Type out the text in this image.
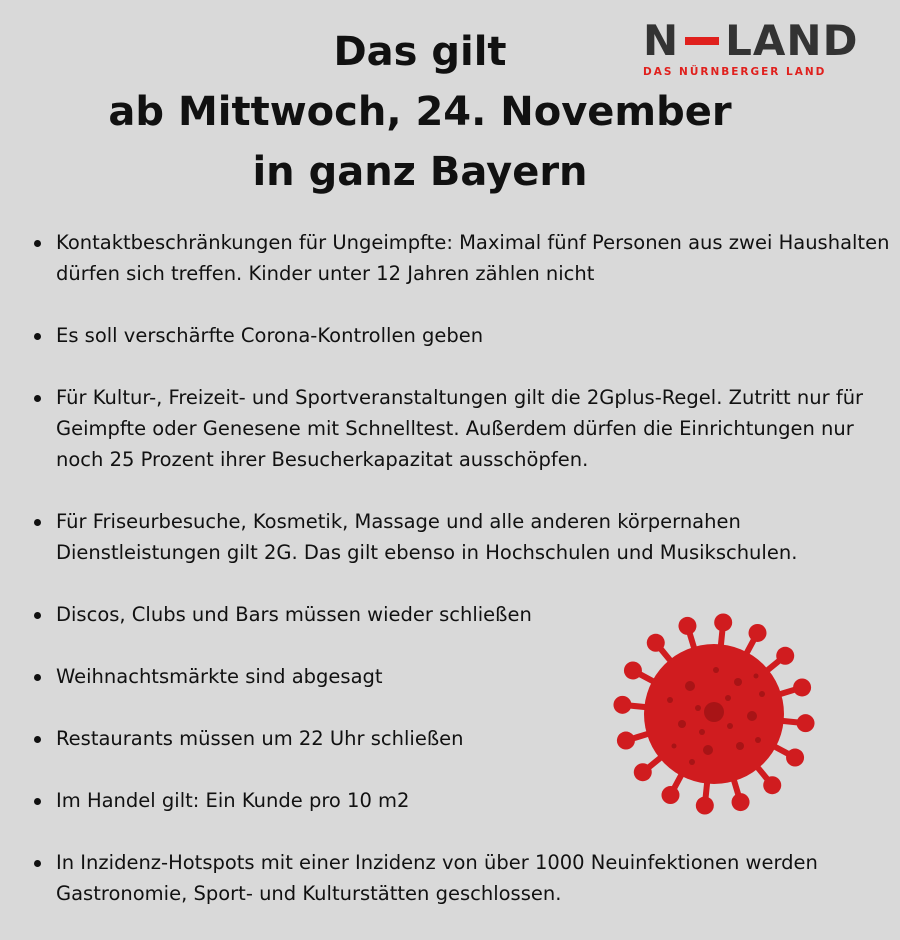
Das gilt
ab Mittwoch, 24. November
in ganz Bayern
N LAND
DAS NÜRNBERGER LAND
Kontaktbeschränkungen für Ungeimpfte: Maximal fünf Personen aus zwei Haushalten dürfen sich treffen. Kinder unter 12 Jahren zählen nicht
Es soll verschärfte Corona-Kontrollen geben
Für Kultur-, Freizeit- und Sportveranstaltungen gilt die 2Gplus-Regel. Zutritt nur für Geimpfte oder Genesene mit Schnelltest. Außerdem dürfen die Einrichtungen nur noch 25 Prozent ihrer Besucherkapazitat ausschöpfen.
Für Friseurbesuche, Kosmetik, Massage und alle anderen körpernahen Dienstleistungen gilt 2G. Das gilt ebenso in Hochschulen und Musikschulen.
Discos, Clubs und Bars müssen wieder schließen
Weihnachtsmärkte sind abgesagt
Restaurants müssen um 22 Uhr schließen
Im Handel gilt: Ein Kunde pro 10 m2
In Inzidenz-Hotspots mit einer Inzidenz von über 1000 Neuinfektionen werden Gastronomie, Sport- und Kulturstätten geschlossen.
